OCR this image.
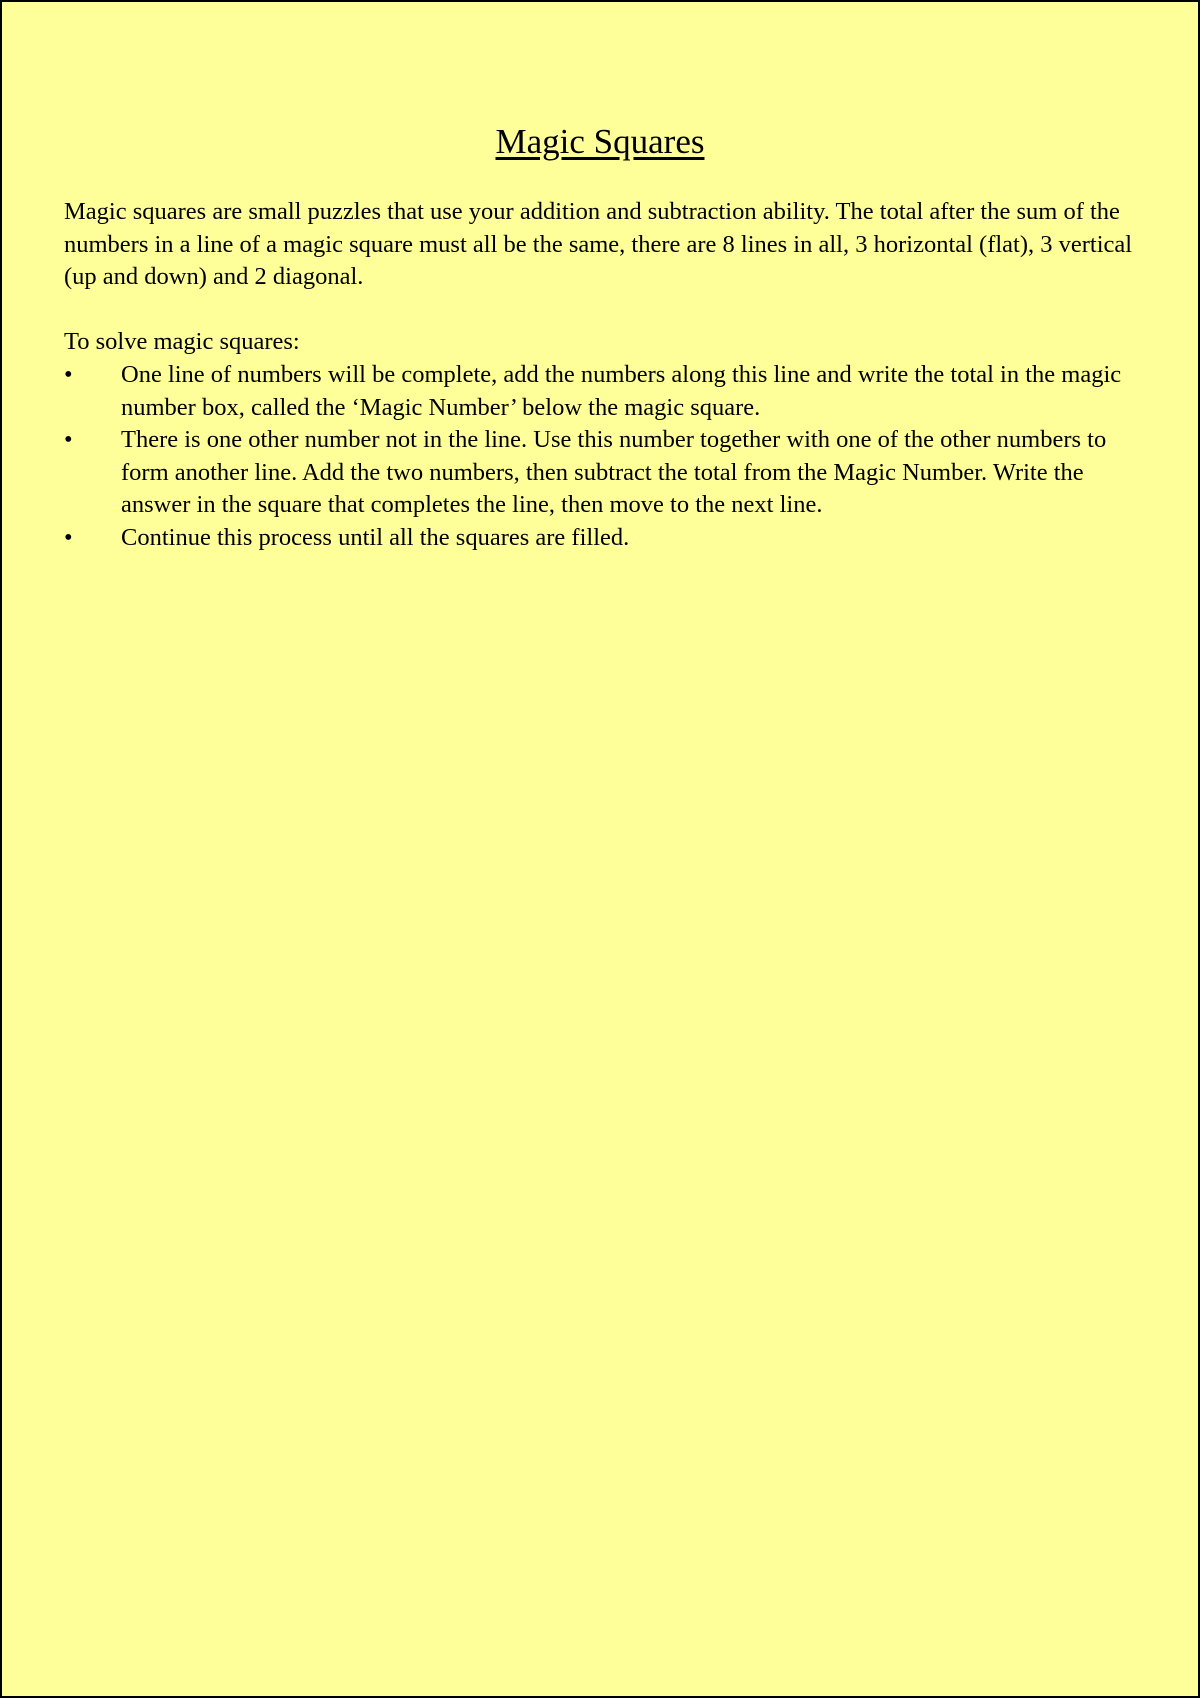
Magic Squares

Magic squares are small puzzles that use your addition and subtraction ability. The total after the sum of the numbers in a line of a magic square must all be the same, there are 8 lines in all, 3 horizontal (flat), 3 vertical (up and down) and 2 diagonal.

To solve magic squares:

•	One line of numbers will be complete, add the numbers along this line and write the total in the magic number box, called the ‘Magic Number’ below the magic square.
•	There is one other number not in the line. Use this number together with one of the other numbers to form another line. Add the two numbers, then subtract the total from the Magic Number. Write the answer in the square that completes the line, then move to the next line.
•	Continue this process until all the squares are filled.
